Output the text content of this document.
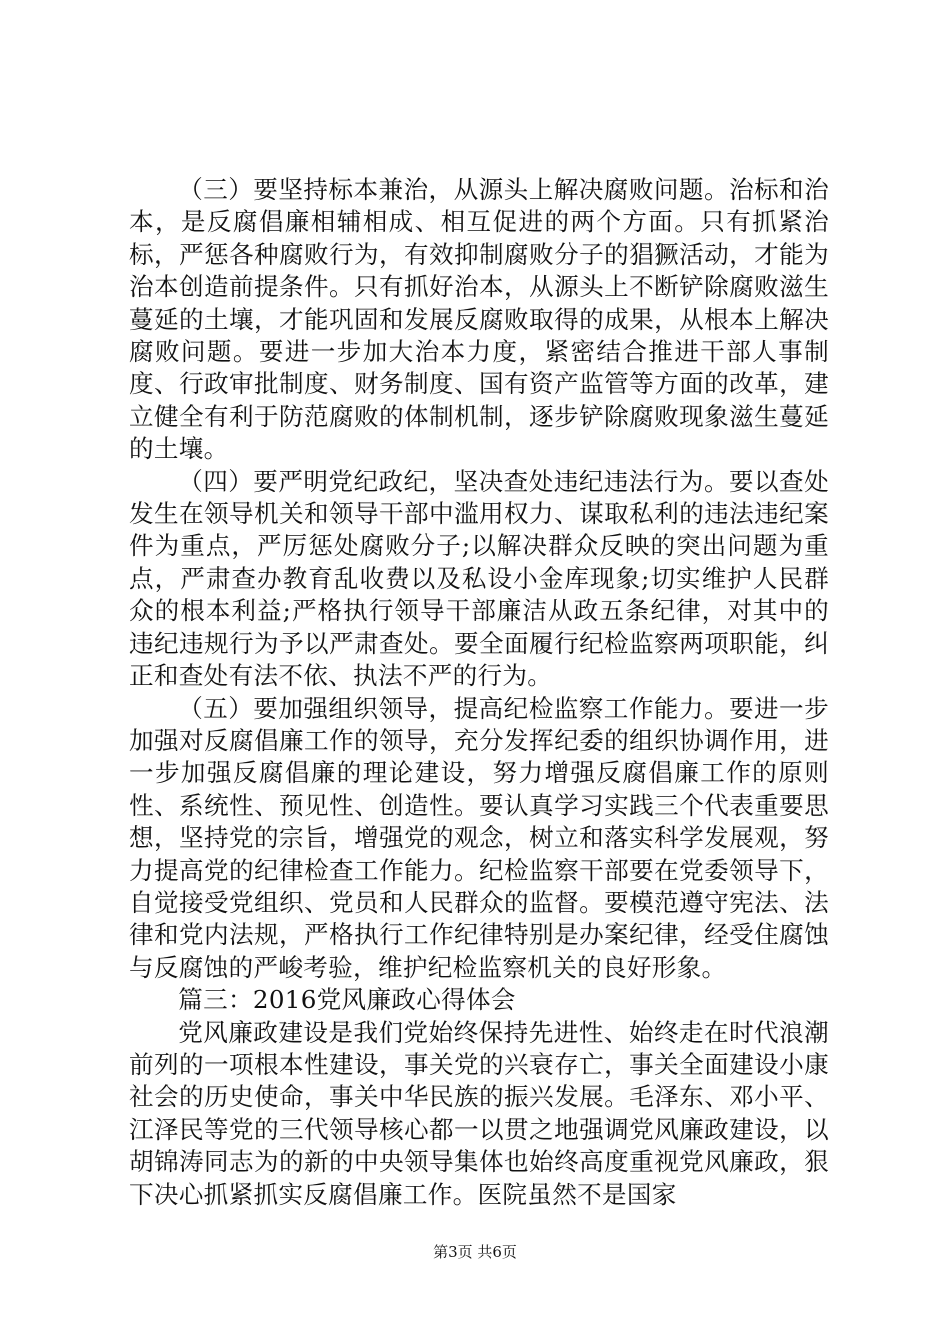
（三）要坚持标本兼治，从源头上解决腐败问题。治标和治本，是反腐倡廉相辅相成、相互促进的两个方面。只有抓紧治标，严惩各种腐败行为，有效抑制腐败分子的猖獗活动，才能为治本创造前提条件。只有抓好治本，从源头上不断铲除腐败滋生蔓延的土壤，才能巩固和发展反腐败取得的成果，从根本上解决腐败问题。要进一步加大治本力度，紧密结合推进干部人事制度、行政审批制度、财务制度、国有资产监管等方面的改革，建立健全有利于防范腐败的体制机制，逐步铲除腐败现象滋生蔓延的土壤。

（四）要严明党纪政纪，坚决查处违纪违法行为。要以查处发生在领导机关和领导干部中滥用权力、谋取私利的违法违纪案件为重点，严厉惩处腐败分子;以解决群众反映的突出问题为重点，严肃查办教育乱收费以及私设小金库现象;切实维护人民群众的根本利益;严格执行领导干部廉洁从政五条纪律，对其中的违纪违规行为予以严肃查处。要全面履行纪检监察两项职能，纠正和查处有法不依、执法不严的行为。

（五）要加强组织领导，提高纪检监察工作能力。要进一步加强对反腐倡廉工作的领导，充分发挥纪委的组织协调作用，进一步加强反腐倡廉的理论建设，努力增强反腐倡廉工作的原则性、系统性、预见性、创造性。要认真学习实践三个代表重要思想，坚持党的宗旨，增强党的观念，树立和落实科学发展观，努力提高党的纪律检查工作能力。纪检监察干部要在党委领导下，自觉接受党组织、党员和人民群众的监督。要模范遵守宪法、法律和党内法规，严格执行工作纪律特别是办案纪律，经受住腐蚀与反腐蚀的严峻考验，维护纪检监察机关的良好形象。

篇三：2016党风廉政心得体会

党风廉政建设是我们党始终保持先进性、始终走在时代浪潮前列的一项根本性建设，事关党的兴衰存亡，事关全面建设小康社会的历史使命，事关中华民族的振兴发展。毛泽东、邓小平、江泽民等党的三代领导核心都一以贯之地强调党风廉政建设，以胡锦涛同志为的新的中央领导集体也始终高度重视党风廉政，狠下决心抓紧抓实反腐倡廉工作。医院虽然不是国家

第3页 共6页
